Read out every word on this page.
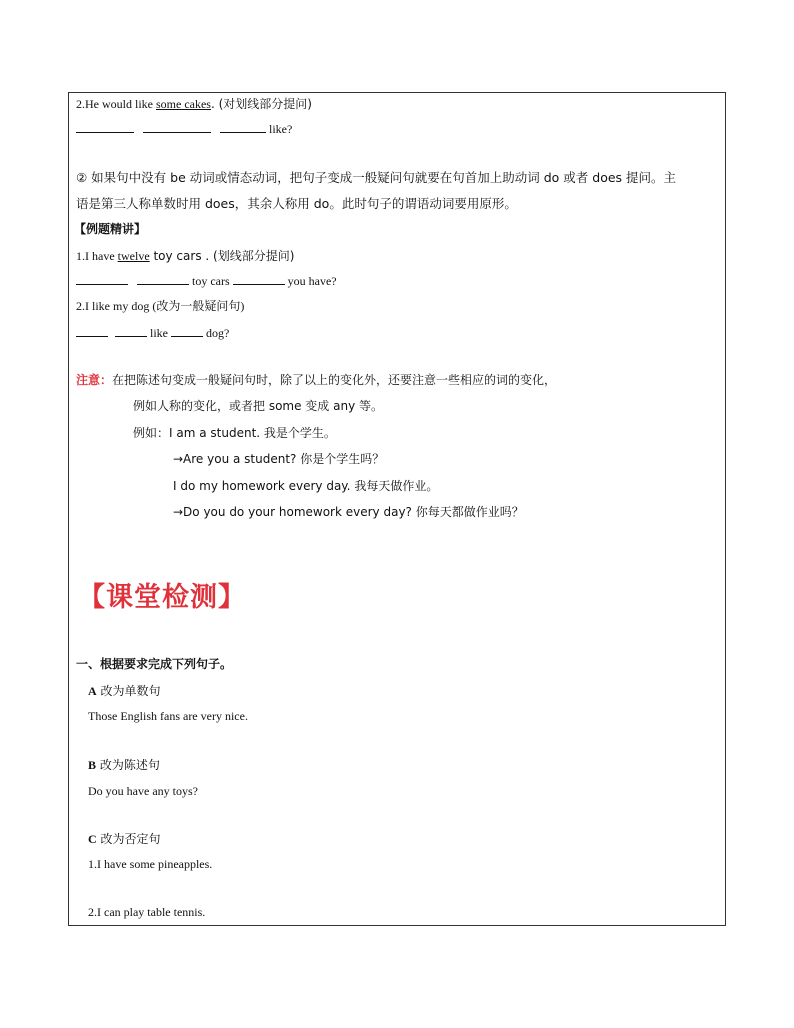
2.He would like some cakes. (对划线部分提问)
like?
② 如果句中没有 be 动词或情态动词，把句子变成一般疑问句就要在句首加上助动词 do 或者 does 提问。主
语是第三人称单数时用 does，其余人称用 do。此时句子的谓语动词要用原形。
【例题精讲】
1.I have twelve toy cars . (划线部分提问)
toy cars	you have?
2.I like my dog (改为一般疑问句)
like	dog?
注意：在把陈述句变成一般疑问句时，除了以上的变化外，还要注意一些相应的词的变化，
例如人称的变化，或者把 some 变成 any 等。
例如：I am a student. 我是个学生。
→Are you a student? 你是个学生吗？
I do my homework every day. 我每天做作业。
→Do you do your homework every day? 你每天都做作业吗？
【课堂检测】
一、根据要求完成下列句子。
A 改为单数句
Those English fans are very nice.
B 改为陈述句
Do you have any toys?
C 改为否定句
1.I have some pineapples.
2.I can play table tennis.
